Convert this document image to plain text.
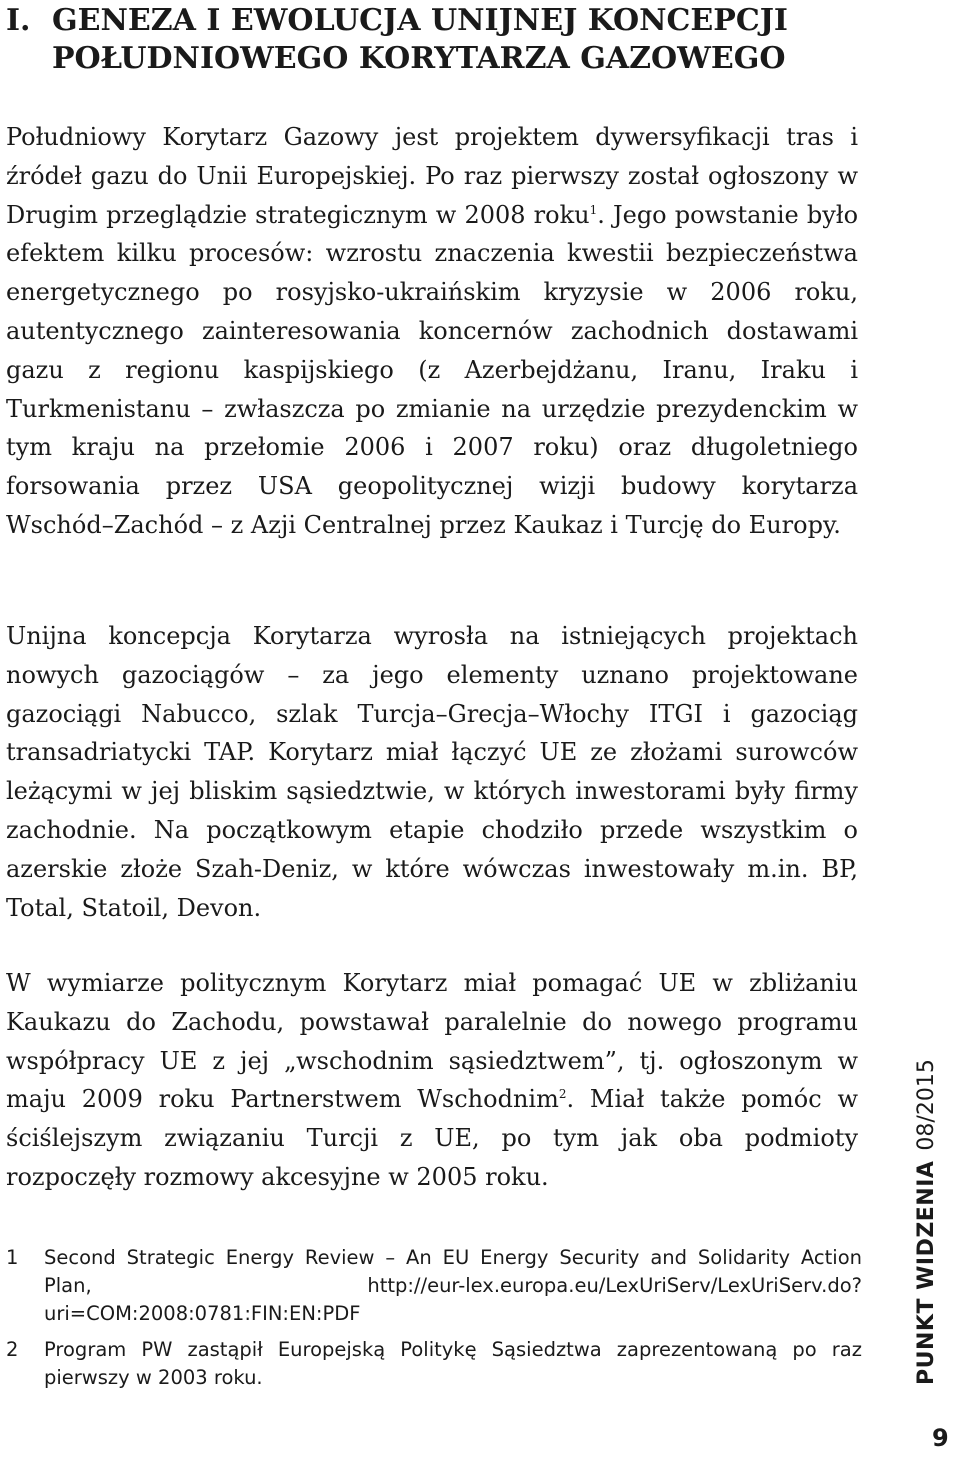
I. GENEZA I EWOLUCJA UNIJNEJ KONCEPCJI
POŁUDNIOWEGO KORYTARZA GAZOWEGO

Południowy Korytarz Gazowy jest projektem dywersyfikacji tras i źródeł gazu do Unii Europejskiej. Po raz pierwszy został ogłoszony w Drugim przeglądzie strategicznym w 2008 roku$^1$. Jego powstanie było efektem kilku procesów: wzrostu znaczenia kwestii bezpieczeństwa energetycznego po rosyjsko-ukraińskim kryzysie w 2006 roku, autentycznego zainteresowania koncernów zachodnich dostawami gazu z regionu kaspijskiego (z Azerbejdżanu, Iranu, Iraku i Turkmenistanu – zwłaszcza po zmianie na urzędzie prezydenckim w tym kraju na przełomie 2006 i 2007 roku) oraz długoletniego forsowania przez USA geopolitycznej wizji budowy korytarza Wschód–Zachód – z Azji Centralnej przez Kaukaz i Turcję do Europy.

Unijna koncepcja Korytarza wyrosła na istniejących projektach nowych gazociągów – za jego elementy uznano projektowane gazociągi Nabucco, szlak Turcja–Grecja–Włochy ITGI i gazociąg transadriatycki TAP. Korytarz miał łączyć UE ze złożami surowców leżącymi w jej bliskim sąsiedztwie, w których inwestorami były firmy zachodnie. Na początkowym etapie chodziło przede wszystkim o azerskie złoże Szah-Deniz, w które wówczas inwestowały m.in. BP, Total, Statoil, Devon.

W wymiarze politycznym Korytarz miał pomagać UE w zbliżaniu Kaukazu do Zachodu, powstawał paralelnie do nowego programu współpracy UE z jej „wschodnim sąsiedztwem”, tj. ogłoszonym w maju 2009 roku Partnerstwem Wschodnim$^2$. Miał także pomóc w ściślejszym związaniu Turcji z UE, po tym jak oba podmioty rozpoczęły rozmowy akcesyjne w 2005 roku.

1	Second Strategic Energy Review – An EU Energy Security and Solidarity Action Plan, http://eur-lex.europa.eu/LexUriServ/LexUriServ.do?uri=COM:2008:0781:FIN:EN:PDF
2	Program PW zastąpił Europejską Politykę Sąsiedztwa zaprezentowaną po raz pierwszy w 2003 roku.	PUNKT WIDZENIA08/2015
9
